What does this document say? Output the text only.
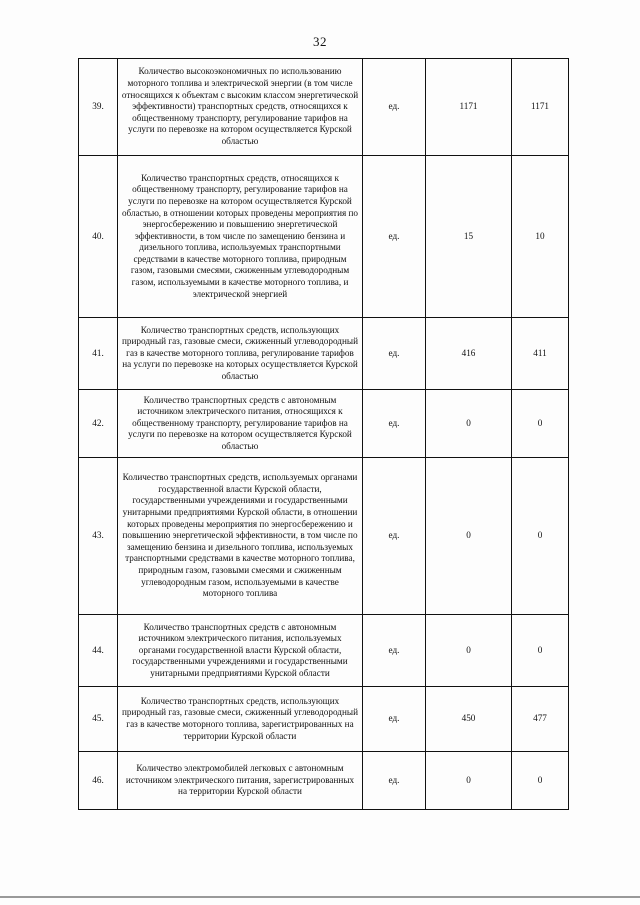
32
39.	Количество высокоэкономичных по использованию моторного топлива и электрической энергии (в том числе относящихся к объектам с высоким классом энергетической эффективности) транспортных средств, относящихся к общественному транспорту, регулирование тарифов на услуги по перевозке на котором осуществляется Курской областью	ед.	1171	1171
40.	Количество транспортных средств, относящихся к общественному транспорту, регулирование тарифов на услуги по перевозке на котором осуществляется Курской областью, в отношении которых проведены мероприятия по энергосбережению и повышению энергетической эффективности, в том числе по замещению бензина и дизельного топлива, используемых транспортными средствами в качестве моторного топлива, природным газом, газовыми смесями, сжиженным углеводородным газом, используемыми в качестве моторного топлива, и электрической энергией	ед.	15	10
41.	Количество транспортных средств, использующих природный газ, газовые смеси, сжиженный углеводородный газ в качестве моторного топлива, регулирование тарифов на услуги по перевозке на которых осуществляется Курской областью	ед.	416	411
42.	Количество транспортных средств с автономным источником электрического питания, относящихся к общественному транспорту, регулирование тарифов на услуги по перевозке на котором осуществляется Курской областью	ед.	0	0
43.	Количество транспортных средств, используемых органами государственной власти Курской области, государственными учреждениями и государственными унитарными предприятиями Курской области, в отношении которых проведены мероприятия по энергосбережению и повышению энергетической эффективности, в том числе по замещению бензина и дизельного топлива, используемых транспортными средствами в качестве моторного топлива, природным газом, газовыми смесями и сжиженным углеводородным газом, используемыми в качестве моторного топлива	ед.	0	0
44.	Количество транспортных средств с автономным источником электрического питания, используемых органами государственной власти Курской области, государственными учреждениями и государственными унитарными предприятиями Курской области	ед.	0	0
45.	Количество транспортных средств, использующих природный газ, газовые смеси, сжиженный углеводородный газ в качестве моторного топлива, зарегистрированных на территории Курской области	ед.	450	477
46.	Количество электромобилей легковых с автономным источником электрического питания, зарегистрированных на территории Курской области	ед.	0	0
